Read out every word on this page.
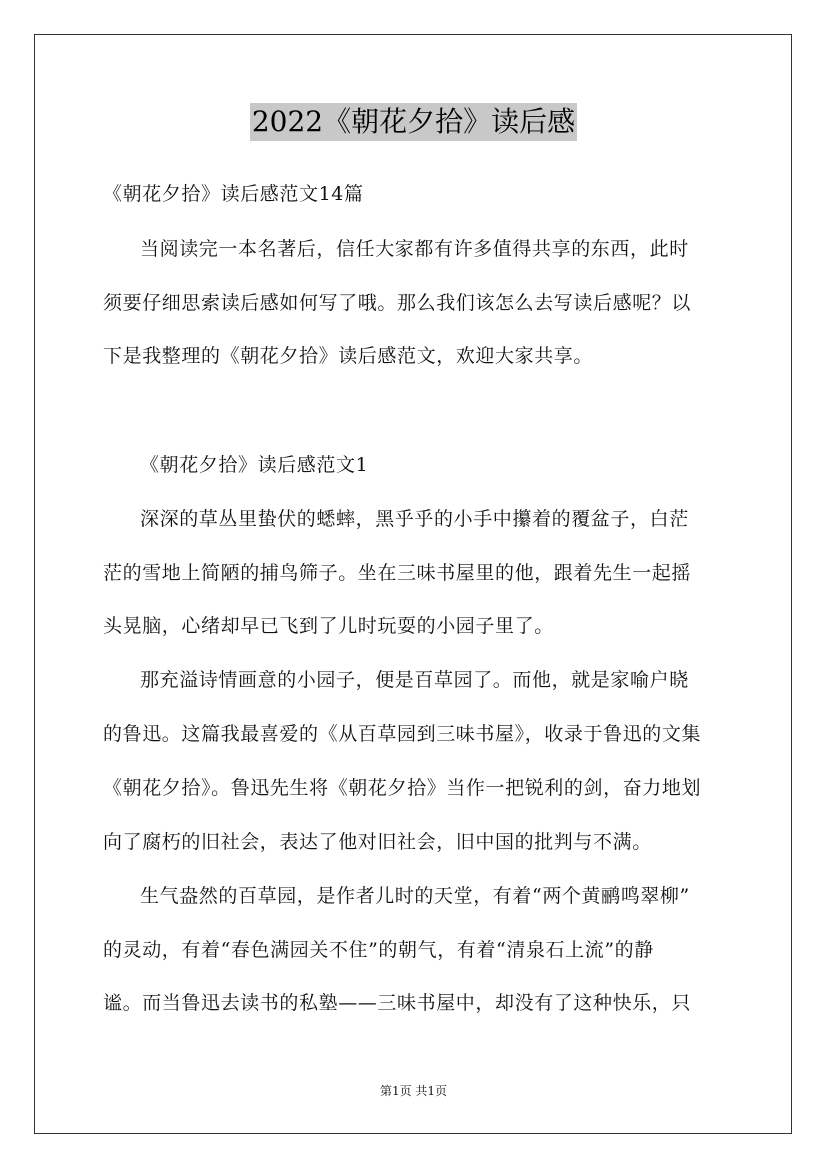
2022《朝花夕拾》读后感
《朝花夕拾》读后感范文14篇
当阅读完一本名著后，信任大家都有许多值得共享的东西，此时
须要仔细思索读后感如何写了哦。那么我们该怎么去写读后感呢？以
下是我整理的《朝花夕拾》读后感范文，欢迎大家共享。
《朝花夕拾》读后感范文1
深深的草丛里蛰伏的蟋蟀，黑乎乎的小手中攥着的覆盆子，白茫
茫的雪地上简陋的捕鸟筛子。坐在三味书屋里的他，跟着先生一起摇
头晃脑，心绪却早已飞到了儿时玩耍的小园子里了。
那充溢诗情画意的小园子，便是百草园了。而他，就是家喻户晓
的鲁迅。这篇我最喜爱的《从百草园到三味书屋》，收录于鲁迅的文集
《朝花夕拾》。鲁迅先生将《朝花夕拾》当作一把锐利的剑，奋力地划
向了腐朽的旧社会，表达了他对旧社会，旧中国的批判与不满。
生气盎然的百草园，是作者儿时的天堂，有着“两个黄鹂鸣翠柳”
的灵动，有着“春色满园关不住”的朝气，有着“清泉石上流”的静
谧。而当鲁迅去读书的私塾——三味书屋中，却没有了这种快乐，只
第1页 共1页
